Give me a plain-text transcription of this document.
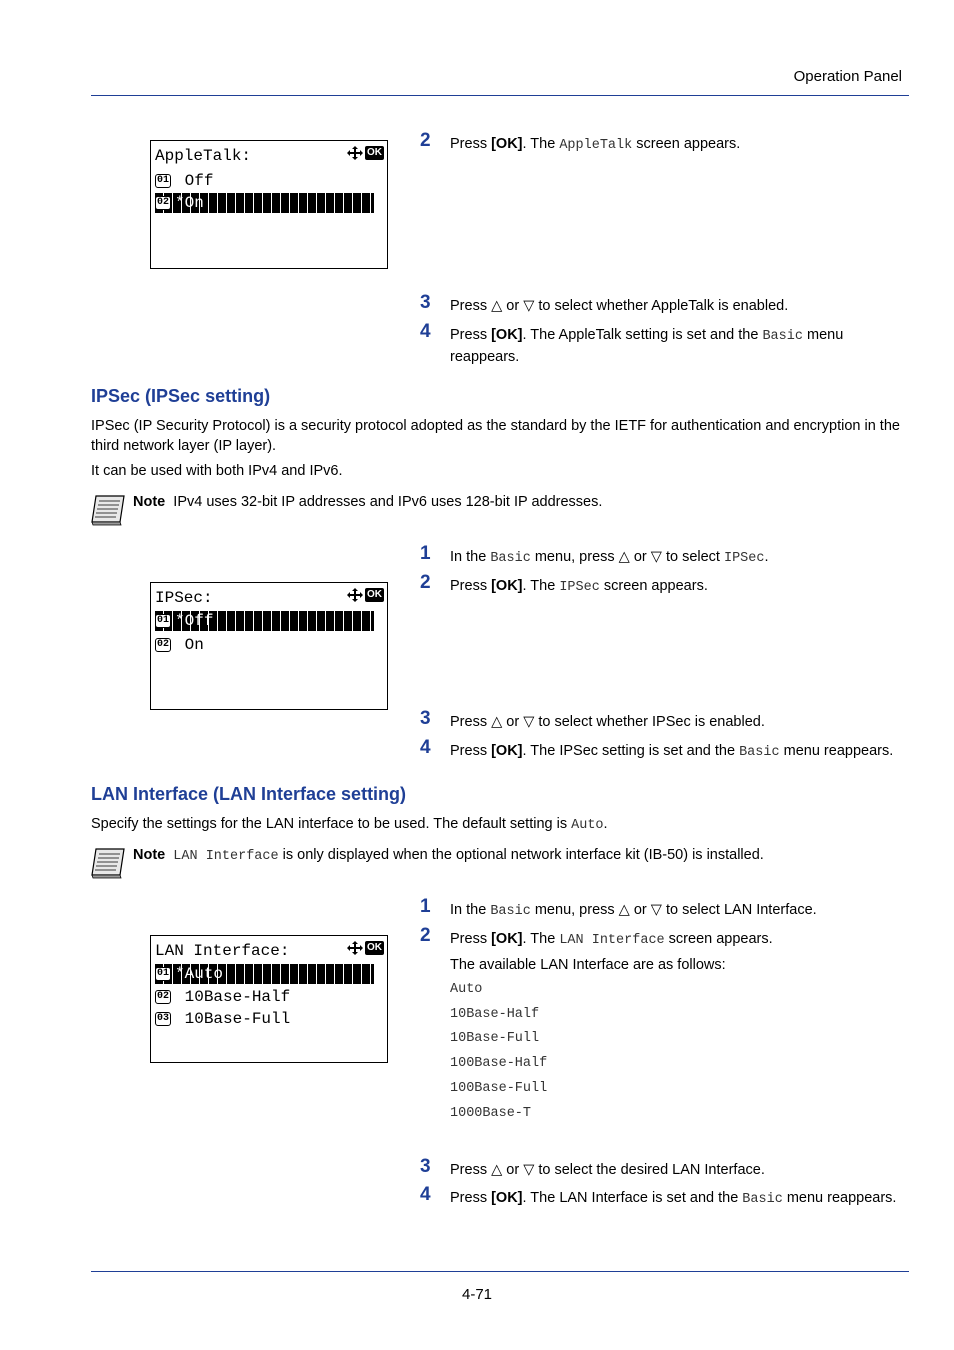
Operation Panel
AppleTalk:	OK
01 Off
02 *On
2 Press [OK]. The AppleTalk screen appears.
3 Press △ or ▽ to select whether AppleTalk is enabled.
4 Press [OK]. The AppleTalk setting is set and the Basic menu reappears.
IPSec (IPSec setting)
IPSec (IP Security Protocol) is a security protocol adopted as the standard by the IETF for authentication and encryption in the third network layer (IP layer).
It can be used with both IPv4 and IPv6.
Note IPv4 uses 32-bit IP addresses and IPv6 uses 128-bit IP addresses.
IPSec:	OK
01 *Off
02 On
1 In the Basic menu, press △ or ▽ to select IPSec.
2 Press [OK]. The IPSec screen appears.
3 Press △ or ▽ to select whether IPSec is enabled.
4 Press [OK]. The IPSec setting is set and the Basic menu reappears.
LAN Interface (LAN Interface setting)
Specify the settings for the LAN interface to be used. The default setting is Auto.
Note LAN Interface is only displayed when the optional network interface kit (IB-50) is installed.
LAN Interface:	OK
01 *Auto
02 10Base-Half
03 10Base-Full
1 In the Basic menu, press △ or ▽ to select LAN Interface.
2 Press [OK]. The LAN Interface screen appears.
The available LAN Interface are as follows:
Auto
10Base-Half
10Base-Full
100Base-Half
100Base-Full
1000Base-T
3 Press △ or ▽ to select the desired LAN Interface.
4 Press [OK]. The LAN Interface is set and the Basic menu reappears.
4-71
